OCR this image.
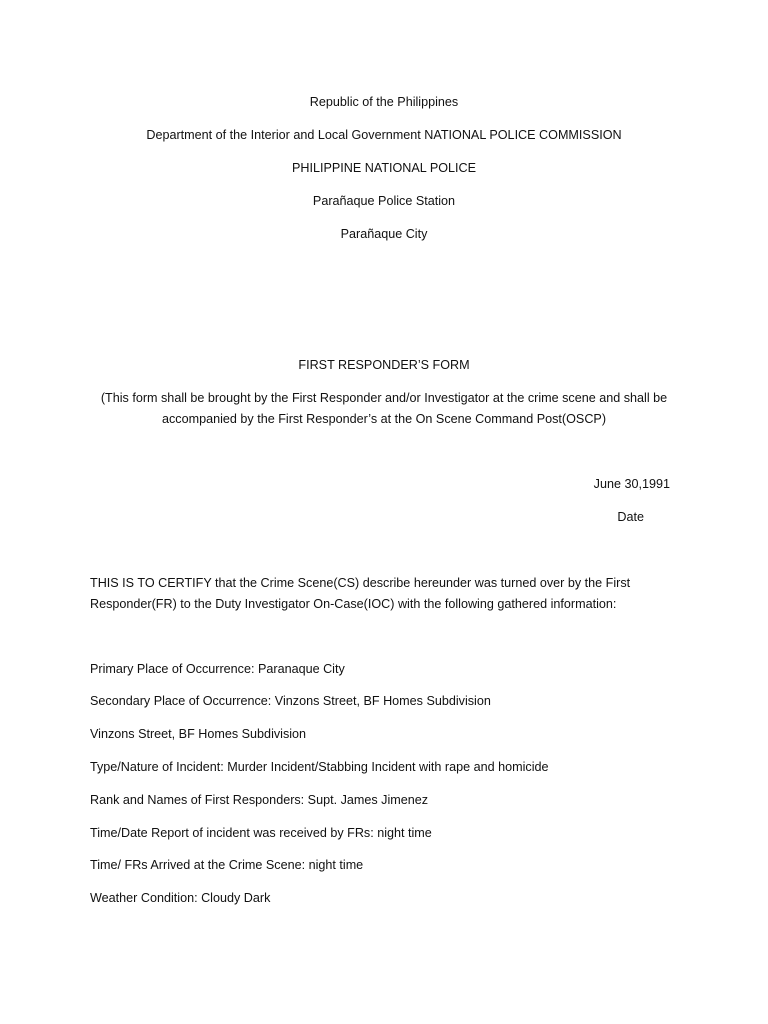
Republic of the Philippines
Department of the Interior and Local Government NATIONAL POLICE COMMISSION
PHILIPPINE NATIONAL POLICE
Parañaque Police Station
Parañaque City
FIRST RESPONDER’S FORM
(This form shall be brought by the First Responder and/or Investigator at the crime scene and shall be
accompanied by the First Responder’s at the On Scene Command Post(OSCP)
June 30,1991
Date
THIS IS TO CERTIFY that the Crime Scene(CS) describe hereunder was turned over by the First
Responder(FR) to the Duty Investigator On-Case(IOC) with the following gathered information:
Primary Place of Occurrence: Paranaque City
Secondary Place of Occurrence: Vinzons Street, BF Homes Subdivision
Vinzons Street, BF Homes Subdivision
Type/Nature of Incident: Murder Incident/Stabbing Incident with rape and homicide
Rank and Names of First Responders: Supt. James Jimenez
Time/Date Report of incident was received by FRs: night time
Time/ FRs Arrived at the Crime Scene: night time
Weather Condition: Cloudy Dark
